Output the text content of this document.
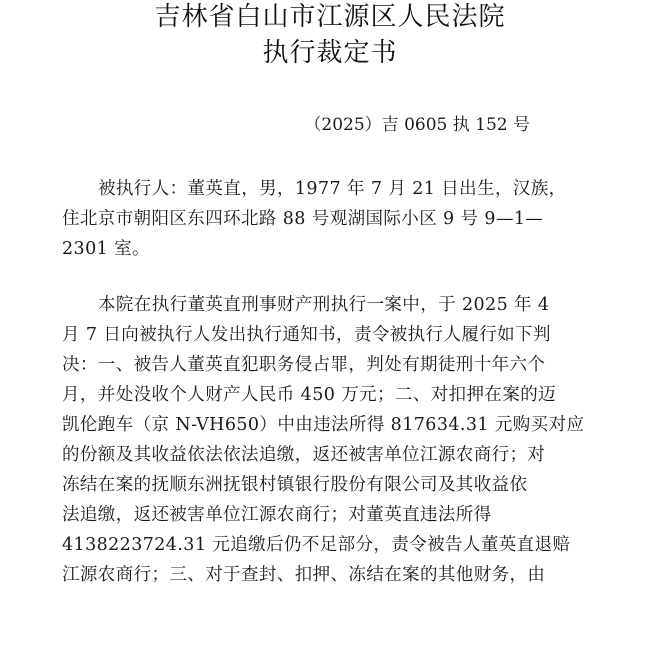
吉林省白山市江源区人民法院
执行裁定书
（2025）吉 0605 执 152 号
被执行人：董英直，男，1977 年 7 月 21 日出生，汉族，
住北京市朝阳区东四环北路 88 号观湖国际小区 9 号 9—1—
2301 室。
本院在执行董英直刑事财产刑执行一案中，于 2025 年 4
月 7 日向被执行人发出执行通知书，责令被执行人履行如下判
决：一、被告人董英直犯职务侵占罪，判处有期徒刑十年六个
月，并处没收个人财产人民币 450 万元；二、对扣押在案的迈
凯伦跑车（京 N-VH650）中由违法所得 817634.31 元购买对应
的份额及其收益依法依法追缴，返还被害单位江源农商行；对
冻结在案的抚顺东洲抚银村镇银行股份有限公司及其收益依
法追缴，返还被害单位江源农商行；对董英直违法所得
4138223724.31 元追缴后仍不足部分，责令被告人董英直退赔
江源农商行；三、对于查封、扣押、冻结在案的其他财务，由
